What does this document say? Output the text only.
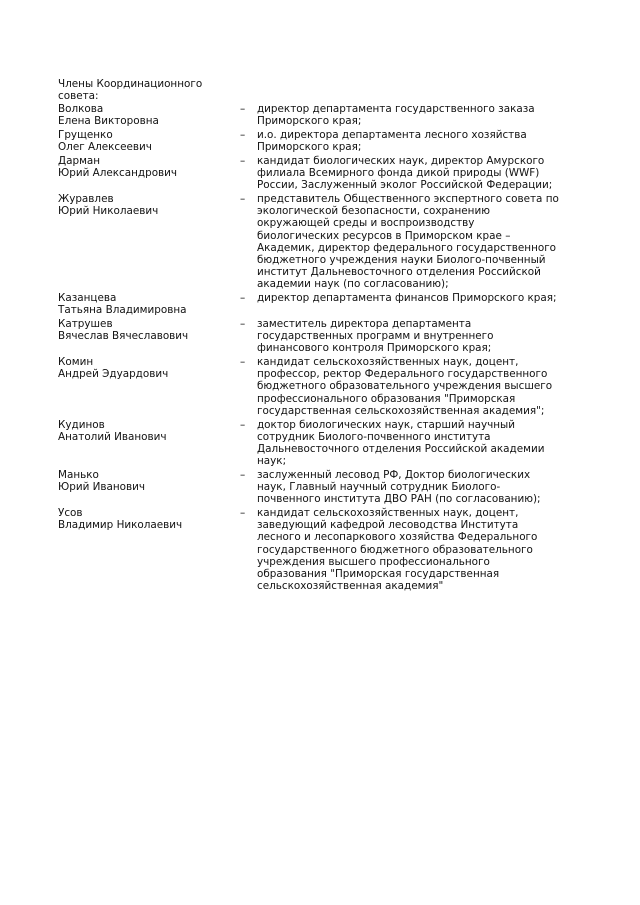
Члены Координационного
совета:
Волкова
Елена Викторовна
–	директор департамента государственного заказа
Приморского края;
Грущенко
Олег Алексеевич
–	и.о. директора департамента лесного хозяйства
Приморского края;
Дарман
Юрий Александрович
–	кандидат биологических наук, директор Амурского
филиала Всемирного фонда дикой природы (WWF)
России, Заслуженный эколог Российской Федерации;
Журавлев
Юрий Николаевич
–	представитель Общественного экспертного совета по
экологической безопасности, сохранению
окружающей среды и воспроизводству
биологических ресурсов в Приморском крае –
Академик, директор федерального государственного
бюджетного учреждения науки Биолого-почвенный
институт Дальневосточного отделения Российской
академии наук (по согласованию);
Казанцева
Татьяна Владимировна
–	директор департамента финансов Приморского края;
Катрушев
Вячеслав Вячеславович
–	заместитель директора департамента
государственных программ и внутреннего
финансового контроля Приморского края;
Комин
Андрей Эдуардович
–	кандидат сельскохозяйственных наук, доцент,
профессор, ректор Федерального государственного
бюджетного образовательного учреждения высшего
профессионального образования "Приморская
государственная сельскохозяйственная академия";
Кудинов
Анатолий Иванович
–	доктор биологических наук, старший научный
сотрудник Биолого-почвенного института
Дальневосточного отделения Российской академии
наук;
Манько
Юрий Иванович
–	заслуженный лесовод РФ, Доктор биологических
наук, Главный научный сотрудник Биолого-
почвенного института ДВО РАН (по согласованию);
Усов
Владимир Николаевич
–	кандидат сельскохозяйственных наук, доцент,
заведующий кафедрой лесоводства Института
лесного и лесопаркового хозяйства Федерального
государственного бюджетного образовательного
учреждения высшего профессионального
образования "Приморская государственная
сельскохозяйственная академия"
